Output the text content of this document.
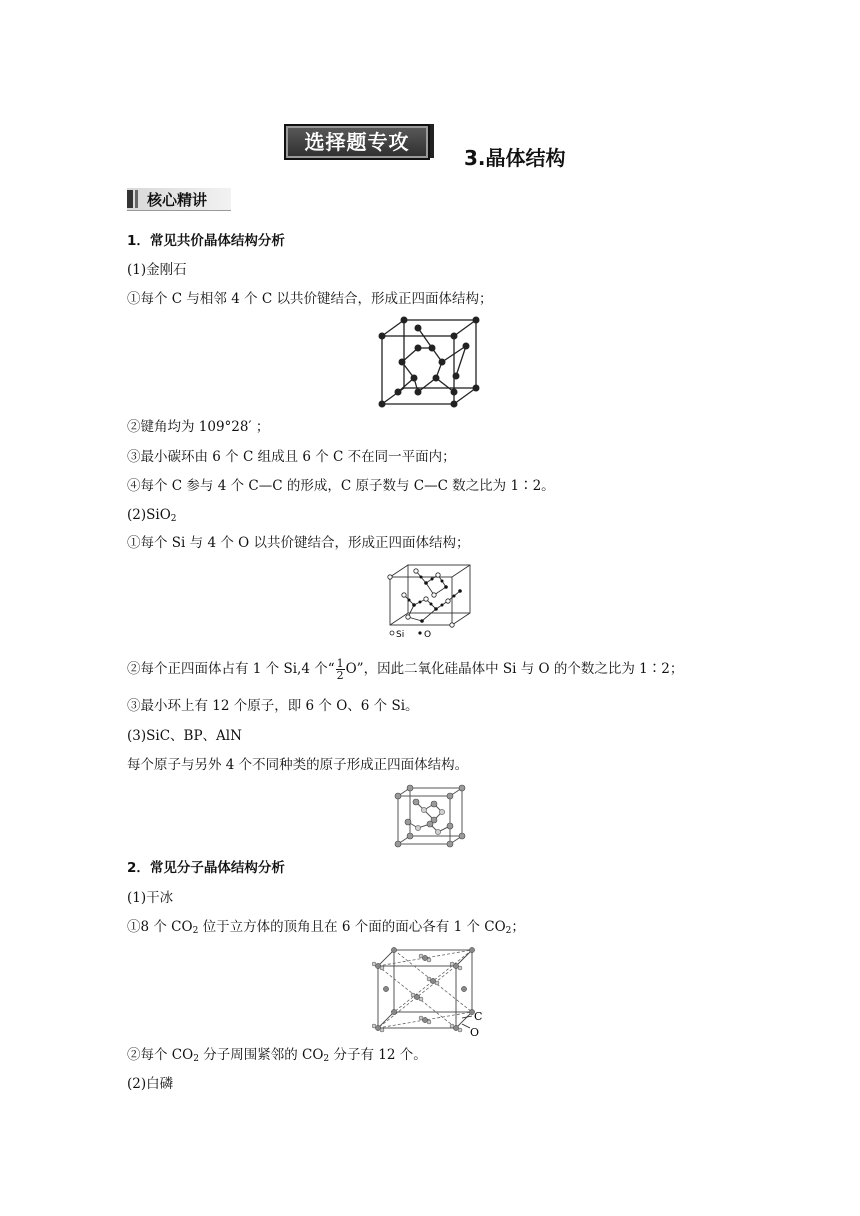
选择题专攻
3.晶体结构
核心精讲
1．常见共价晶体结构分析
(1)金刚石
①每个 C 与相邻 4 个 C 以共价键结合，形成正四面体结构；
②键角均为 109°28′ ；
③最小碳环由 6 个 C 组成且 6 个 C 不在同一平面内；
④每个 C 参与 4 个 C—C 的形成，C 原子数与 C—C 数之比为 1∶2。
(2)SiO$_2$
①每个 Si 与 4 个 O 以共价键结合，形成正四面体结构；
Si O
②每个正四面体占有 1 个 Si,4 个“ $\frac{1}{2} O$”，因此二氧化硅晶体中 Si 与 O 的个数之比为 1∶2；
③最小环上有 12 个原子，即 6 个 O、6 个 Si。
(3)SiC、BP、AlN
每个原子与另外 4 个不同种类的原子形成正四面体结构。
2．常见分子晶体结构分析
(1)干冰
①8 个 $CO_2$ 位于立方体的顶角且在 6 个面的面心各有 1 个 $CO_2$；
C
O
②每个 $CO_2$ 分子周围紧邻的 $CO_2$ 分子有 12 个。
(2)白磷
